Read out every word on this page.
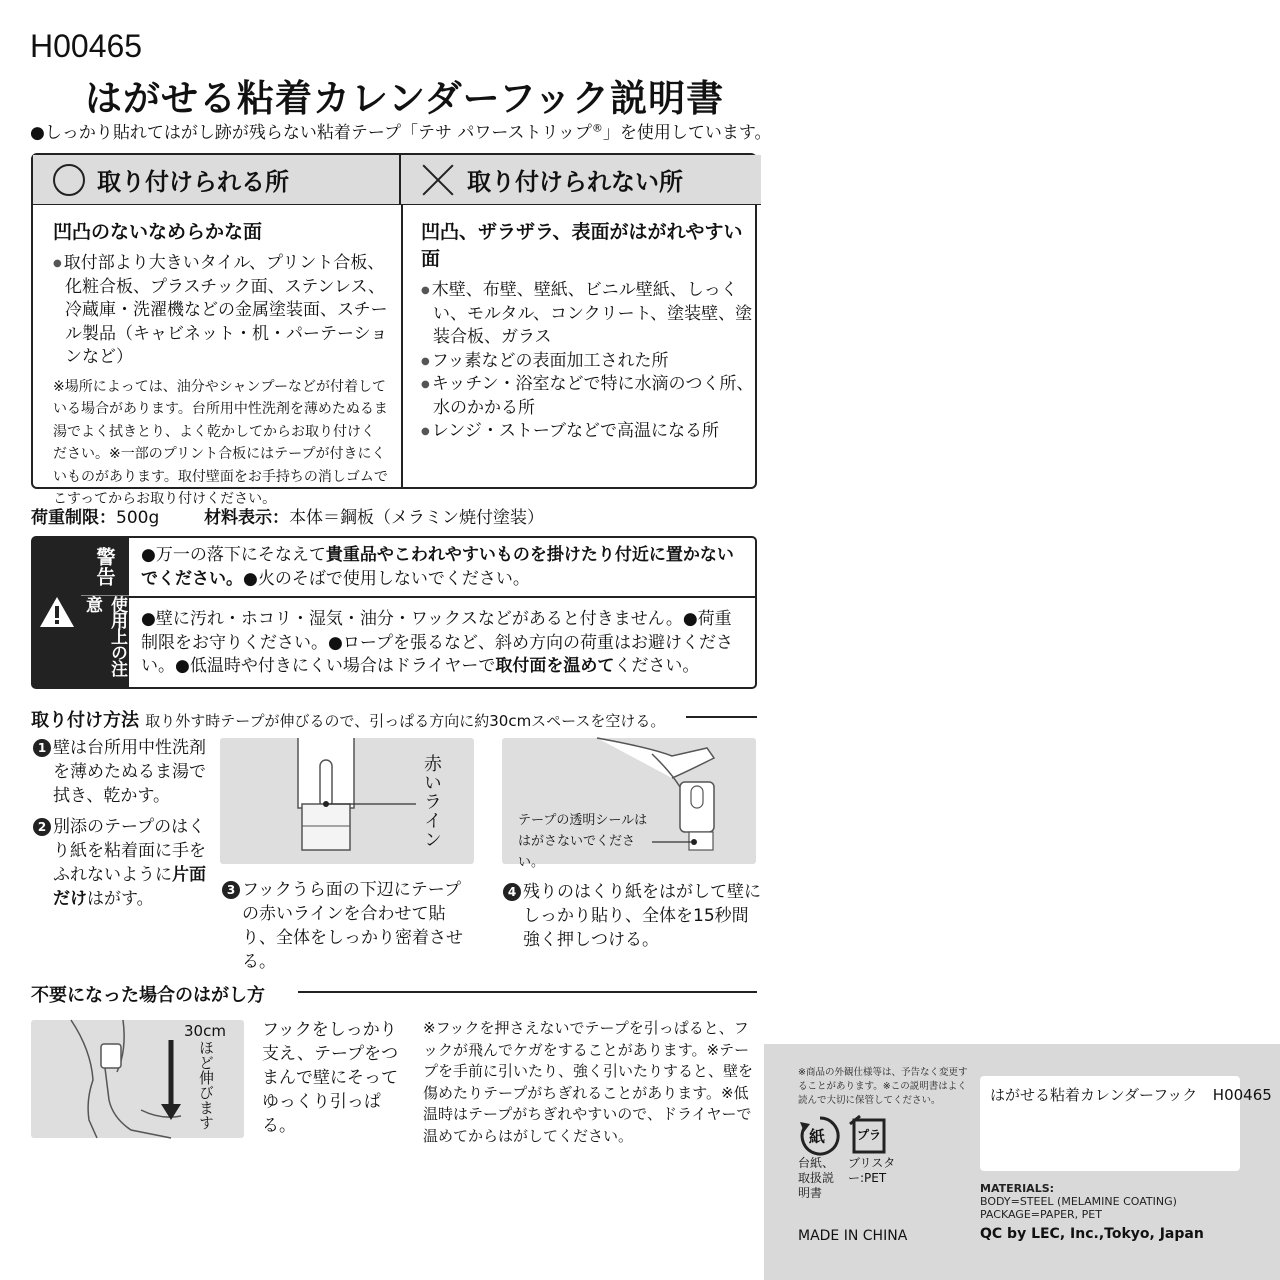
H00465
はがせる粘着カレンダーフック説明書
●しっかり貼れてはがし跡が残らない粘着テープ「テサ パワーストリップ®」を使用しています。
取り付けられる所	取り付けられない所
凹凸のないなめらかな面
● 取付部より大きいタイル、プリント合板、化粧合板、プラスチック面、ステンレス、冷蔵庫・洗濯機などの金属塗装面、スチール製品（キャビネット・机・パーテーションなど）
※場所によっては、油分やシャンプーなどが付着している場合があります。台所用中性洗剤を薄めたぬるま湯でよく拭きとり、よく乾かしてからお取り付けください。※一部のプリント合板にはテープが付きにくいものがあります。取付壁面をお手持ちの消しゴムでこすってからお取り付けください。
凹凸、ザラザラ、表面がはがれやすい面
● 木壁、布壁、壁紙、ビニル壁紙、しっくい、モルタル、コンクリート、塗装壁、塗装合板、ガラス
● フッ素などの表面加工された所
● キッチン・浴室などで特に水滴のつく所、水のかかる所
● レンジ・ストーブなどで高温になる所
荷重制限：500g	材料表示：本体＝鋼板（メラミン焼付塗装）
警告
使用上の注意
●万一の落下にそなえて貴重品やこわれやすいものを掛けたり付近に置かないでください。●火のそばで使用しないでください。
●壁に汚れ・ホコリ・湿気・油分・ワックスなどがあると付きません。●荷重制限をお守りください。●ロープを張るなど、斜め方向の荷重はお避けください。●低温時や付きにくい場合はドライヤーで取付面を温めてください。
取り付け方法 取り外す時テープが伸びるので、引っぱる方向に約30cmスペースを空ける。
1 壁は台所用中性洗剤を薄めたぬるま湯で拭き、乾かす。
2 別添のテープのはくり紙を粘着面に手をふれないように片面だけはがす。
赤いライン
3 フックうら面の下辺にテープの赤いラインを合わせて貼り、全体をしっかり密着させる。
テープの透明シールははがさないでください。
4 残りのはくり紙をはがして壁にしっかり貼り、全体を15秒間強く押しつける。
不要になった場合のはがし方
30cm
ほど伸びます
フックをしっかり支え、テープをつまんで壁にそってゆっくり引っぱる。
※フックを押さえないでテープを引っぱると、フックが飛んでケガをすることがあります。※テープを手前に引いたり、強く引いたりすると、壁を傷めたりテープがちぎれることがあります。※低温時はテープがちぎれやすいので、ドライヤーで温めてからはがしてください。
※商品の外観仕様等は、予告なく変更することがあります。※この説明書はよく読んで大切に保管してください。	はがせる粘着カレンダーフック H00465
紙	プラ
台紙、取扱説明書
ブリスター:PET
MATERIALS:
BODY=STEEL (MELAMINE COATING)
PACKAGE=PAPER, PET
MADE IN CHINA	QC by LEC, Inc.,Tokyo, Japan
